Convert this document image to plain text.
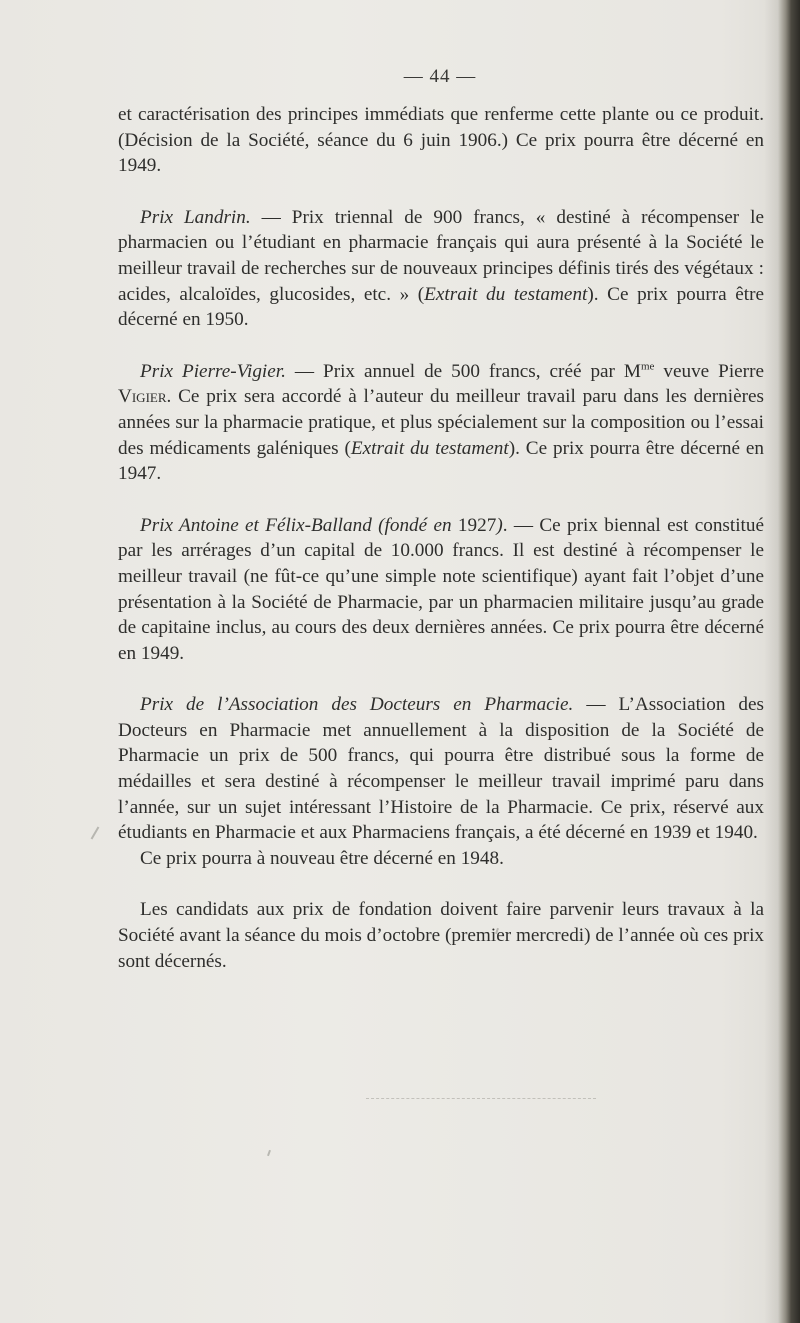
— 44 —

et caractérisation des principes immédiats que renferme cette plante ou ce produit. (Décision de la Société, séance du 6 juin 1906.) Ce prix pourra être décerné en 1949.

Prix Landrin. — Prix triennal de 900 francs, « destiné à récompenser le pharmacien ou l’étudiant en pharmacie français qui aura présenté à la Société le meilleur travail de recherches sur de nouveaux principes définis tirés des végétaux : acides, alcaloïdes, glucosides, etc. » (Extrait du testament). Ce prix pourra être décerné en 1950.

Prix Pierre-Vigier. — Prix annuel de 500 francs, créé par $M^{me}$ veuve Pierre Vigier. Ce prix sera accordé à l’auteur du meilleur travail paru dans les dernières années sur la pharmacie pratique, et plus spécialement sur la composition ou l’essai des médicaments galéniques (Extrait du testament). Ce prix pourra être décerné en 1947.

Prix Antoine et Félix-Balland (fondé en 1927). — Ce prix biennal est constitué par les arrérages d’un capital de 10.000 francs. Il est destiné à récompenser le meilleur travail (ne fût-ce qu’une simple note scientifique) ayant fait l’objet d’une présentation à la Société de Pharmacie, par un pharmacien militaire jusqu’au grade de capitaine inclus, au cours des deux dernières années. Ce prix pourra être décerné en 1949.

Prix de l’Association des Docteurs en Pharmacie. — L’Association des Docteurs en Pharmacie met annuellement à la disposition de la Société de Pharmacie un prix de 500 francs, qui pourra être distribué sous la forme de médailles et sera destiné à récompenser le meilleur travail imprimé paru dans l’année, sur un sujet intéressant l’Histoire de la Pharmacie. Ce prix, réservé aux étudiants en Pharmacie et aux Pharmaciens français, a été décerné en 1939 et 1940.

Ce prix pourra à nouveau être décerné en 1948.

Les candidats aux prix de fondation doivent faire parvenir leurs travaux à la Société avant la séance du mois d’octobre (premier mercredi) de l’année où ces prix sont décernés.
